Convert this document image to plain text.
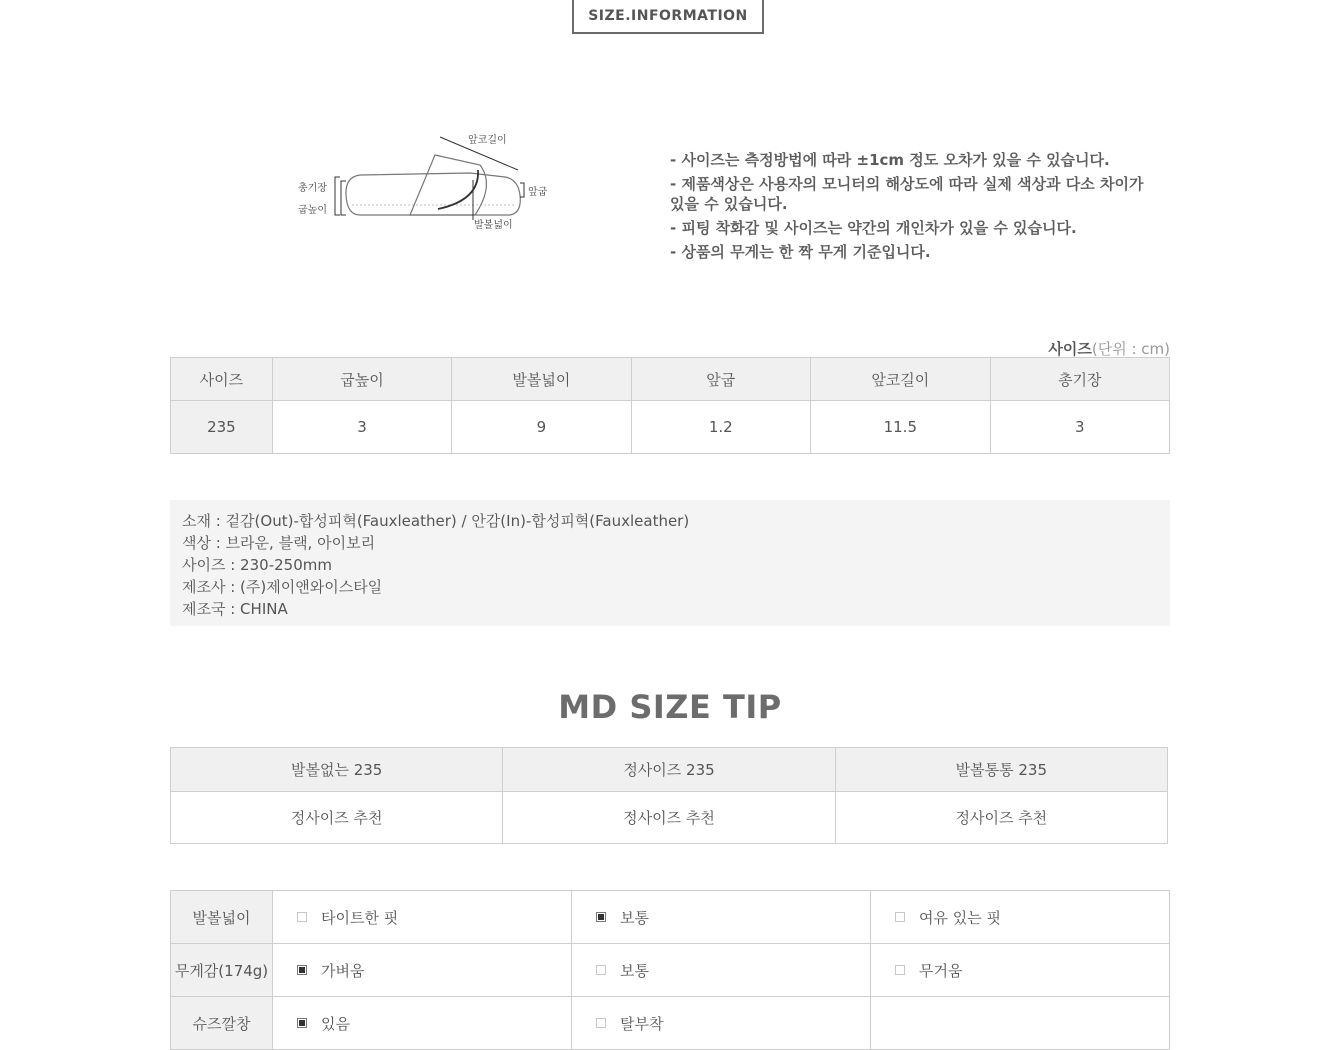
SIZE.INFORMATION
앞코길이
총기장
굽높이
앞굽
발볼넓이
- 사이즈는 측정방법에 따라 ±1cm 정도 오차가 있을 수 있습니다.
- 제품색상은 사용자의 모니터의 해상도에 따라 실제 색상과 다소 차이가 있을 수 있습니다.
- 피팅 착화감 및 사이즈는 약간의 개인차가 있을 수 있습니다.
- 상품의 무게는 한 짝 무게 기준입니다.
사이즈(단위 : cm)
사이즈	굽높이	발볼넓이	앞굽	앞코길이	총기장
235	3	9	1.2	11.5	3
소재 : 겉감(Out)-합성피혁(Fauxleather) / 안감(In)-합성피혁(Fauxleather)
색상 : 브라운, 블랙, 아이보리
사이즈 : 230-250mm
제조사 : (주)제이앤와이스타일
제조국 : CHINA
MD SIZE TIP
발볼없는 235	정사이즈 235	발볼통통 235
정사이즈 추천	정사이즈 추천	정사이즈 추천
발볼넓이	타이트한 핏	보통	여유 있는 핏
무게감(174g)	가벼움	보통	무거움
슈즈깔창	있음	탈부착	
